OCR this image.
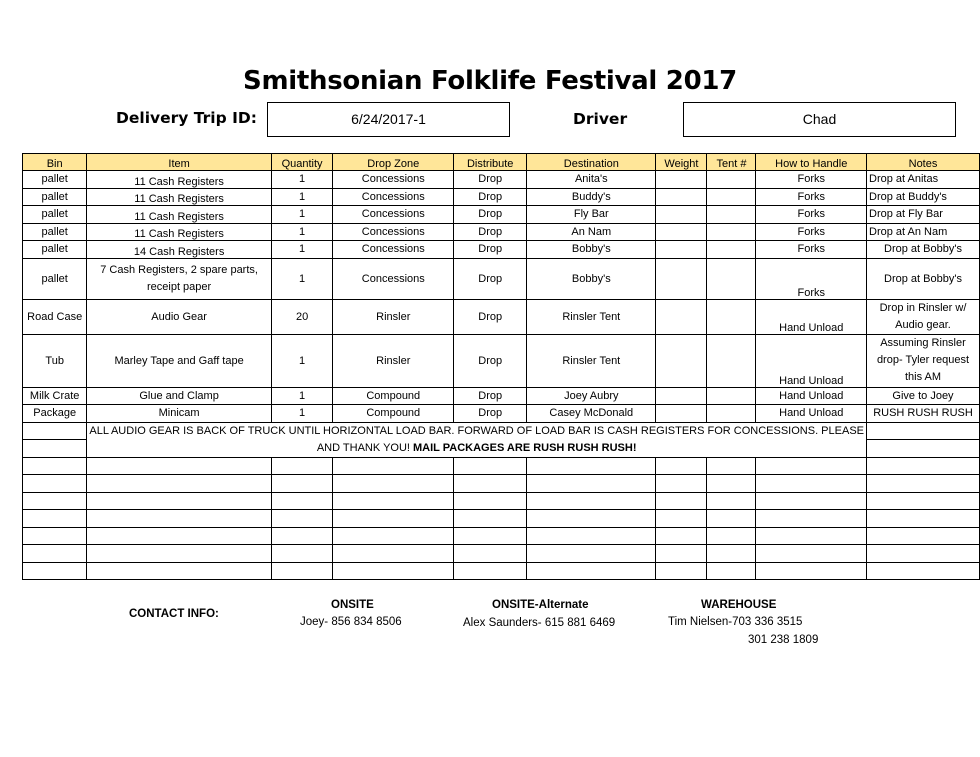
Smithsonian Folklife Festival 2017
Delivery Trip ID:	6/24/2017-1	Driver	Chad
Bin	Item	Quantity	Drop Zone	Distribute	Destination	Weight	Tent #	How to Handle	Notes
pallet	11 Cash Registers	1	Concessions	Drop	Anita's			Forks	Drop at Anitas
pallet	11 Cash Registers	1	Concessions	Drop	Buddy's			Forks	Drop at Buddy's
pallet	11 Cash Registers	1	Concessions	Drop	Fly Bar			Forks	Drop at Fly Bar
pallet	11 Cash Registers	1	Concessions	Drop	An Nam			Forks	Drop at An Nam
pallet	14 Cash Registers	1	Concessions	Drop	Bobby's			Forks	Drop at Bobby's
pallet	7 Cash Registers, 2 spare parts, receipt paper	1	Concessions	Drop	Bobby's			Forks	Drop at Bobby's
Road Case	Audio Gear	20	Rinsler	Drop	Rinsler Tent			Hand Unload	Drop in Rinsler w/ Audio gear.
Tub	Marley Tape and Gaff tape	1	Rinsler	Drop	Rinsler Tent			Hand Unload	Assuming Rinsler drop- Tyler request this AM
Milk Crate	Glue and Clamp	1	Compound	Drop	Joey Aubry			Hand Unload	Give to Joey
Package	Minicam	1	Compound	Drop	Casey McDonald			Hand Unload	RUSH RUSH RUSH

	ALL AUDIO GEAR IS BACK OF TRUCK UNTIL HORIZONTAL LOAD BAR. FORWARD OF LOAD BAR IS CASH REGISTERS FOR CONCESSIONS. PLEASE
AND THANK YOU! MAIL PACKAGES ARE RUSH RUSH RUSH!								

CONTACT INFO:
ONSITE
Joey- 856 834 8506
ONSITE-Alternate
Alex Saunders- 615 881 6469
WAREHOUSE
Tim Nielsen-703 336 3515
301 238 1809
